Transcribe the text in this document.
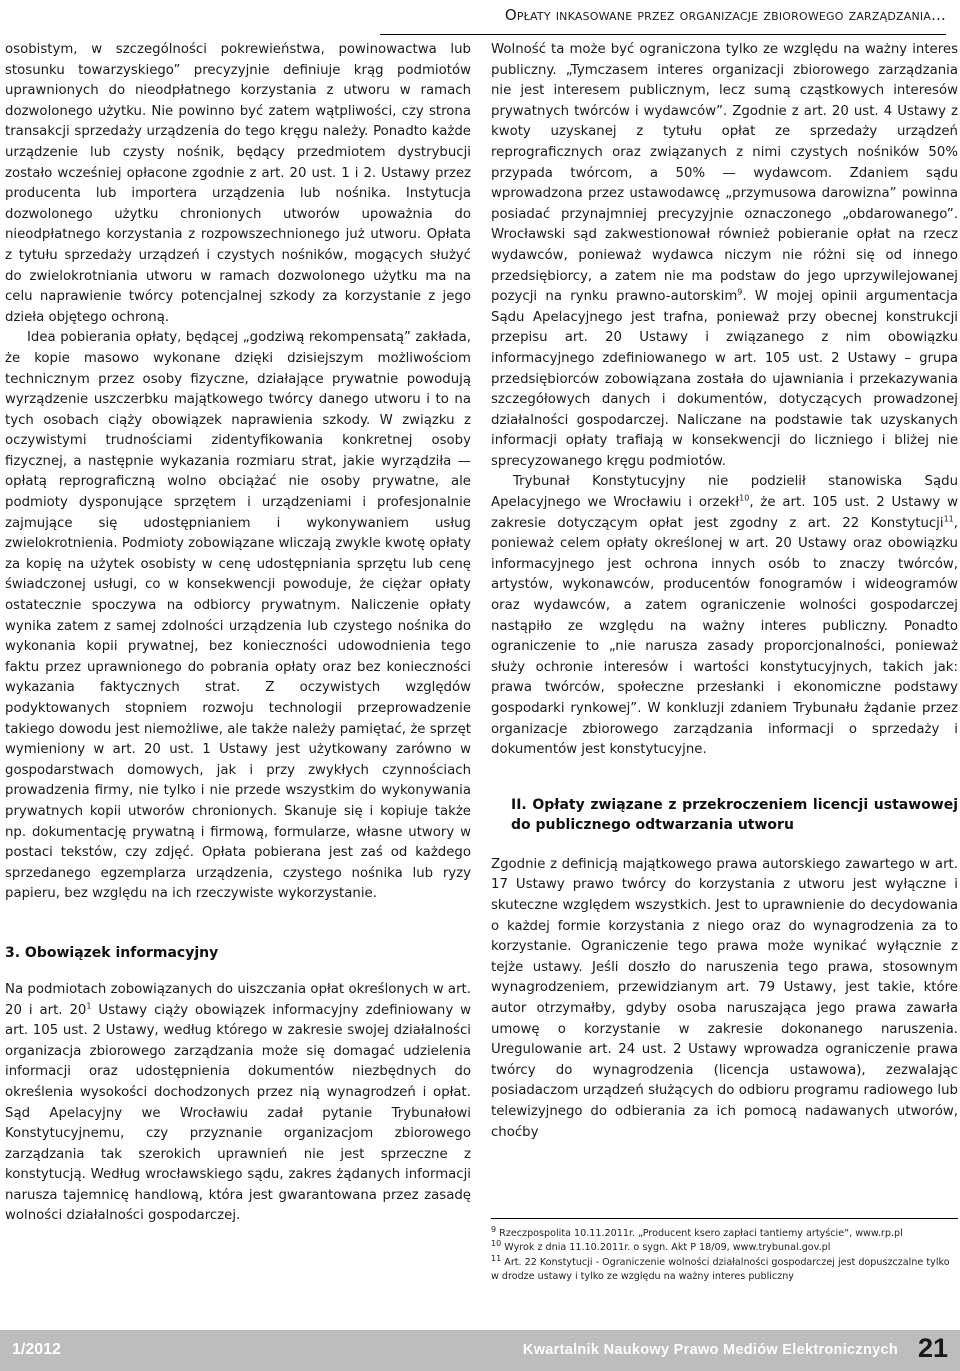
Opłaty inkasowane przez organizacje zbiorowego zarządzania...

osobistym, w szczególności pokrewieństwa, powinowactwa lub stosunku towarzyskiego” precyzyjnie definiuje krąg podmiotów uprawnionych do nieodpłatnego korzystania z utworu w ramach dozwolonego użytku. Nie powinno być zatem wątpliwości, czy strona transakcji sprzedaży urządzenia do tego kręgu należy. Ponadto każde urządzenie lub czysty nośnik, będący przedmiotem dystrybucji zostało wcześniej opłacone zgodnie z art. 20 ust. 1 i 2. Ustawy przez producenta lub importera urządzenia lub nośnika. Instytucja dozwolonego użytku chronionych utworów upoważnia do nieodpłatnego korzystania z rozpowszechnionego już utworu. Opłata z tytułu sprzedaży urządzeń i czystych nośników, mogących służyć do zwielokrotniania utworu w ramach dozwolonego użytku ma na celu naprawienie twórcy potencjalnej szkody za korzystanie z jego dzieła objętego ochroną.

Idea pobierania opłaty, będącej „godziwą rekompensatą” zakłada, że kopie masowo wykonane dzięki dzisiejszym możliwościom technicznym przez osoby fizyczne, działające prywatnie powodują wyrządzenie uszczerbku majątkowego twórcy danego utworu i to na tych osobach ciąży obowiązek naprawienia szkody. W związku z oczywistymi trudnościami zidentyfikowania konkretnej osoby fizycznej, a następnie wykazania rozmiaru strat, jakie wyrządziła — opłatą reprograficzną wolno obciążać nie osoby prywatne, ale podmioty dysponujące sprzętem i urządzeniami i profesjonalnie zajmujące się udostępnianiem i wykonywaniem usług zwielokrotnienia. Podmioty zobowiązane wliczają zwykle kwotę opłaty za kopię na użytek osobisty w cenę udostępniania sprzętu lub cenę świadczonej usługi, co w konsekwencji powoduje, że ciężar opłaty ostatecznie spoczywa na odbiorcy prywatnym. Naliczenie opłaty wynika zatem z samej zdolności urządzenia lub czystego nośnika do wykonania kopii prywatnej, bez konieczności udowodnienia tego faktu przez uprawnionego do pobrania opłaty oraz bez konieczności wykazania faktycznych strat. Z oczywistych względów podyktowanych stopniem rozwoju technologii przeprowadzenie takiego dowodu jest niemożliwe, ale także należy pamiętać, że sprzęt wymieniony w art. 20 ust. 1 Ustawy jest użytkowany zarówno w gospodarstwach domowych, jak i przy zwykłych czynnościach prowadzenia firmy, nie tylko i nie przede wszystkim do wykonywania prywatnych kopii utworów chronionych. Skanuje się i kopiuje także np. dokumentację prywatną i firmową, formularze, własne utwory w postaci tekstów, czy zdjęć. Opłata pobierana jest zaś od każdego sprzedanego egzemplarza urządzenia, czystego nośnika lub ryzy papieru, bez względu na ich rzeczywiste wykorzystanie.

3. Obowiązek informacyjny

Na podmiotach zobowiązanych do uiszczania opłat określonych w art. 20 i art. $20^1$ Ustawy ciąży obowiązek informacyjny zdefiniowany w art. 105 ust. 2 Ustawy, według którego w zakresie swojej działalności organizacja zbiorowego zarządzania może się domagać udzielenia informacji oraz udostępnienia dokumentów niezbędnych do określenia wysokości dochodzonych przez nią wynagrodzeń i opłat. Sąd Apelacyjny we Wrocławiu zadał pytanie Trybunałowi Konstytucyjnemu, czy przyznanie organizacjom zbiorowego zarządzania tak szerokich uprawnień nie jest sprzeczne z konstytucją. Według wrocławskiego sądu, zakres żądanych informacji narusza tajemnicę handlową, która jest gwarantowana przez zasadę wolności działalności gospodarczej.

Wolność ta może być ograniczona tylko ze względu na ważny interes publiczny. „Tymczasem interes organizacji zbiorowego zarządzania nie jest interesem publicznym, lecz sumą cząstkowych interesów prywatnych twórców i wydawców”. Zgodnie z art. 20 ust. 4 Ustawy z kwoty uzyskanej z tytułu opłat ze sprzedaży urządzeń reprograficznych oraz związanych z nimi czystych nośników 50% przypada twórcom, a 50% — wydawcom. Zdaniem sądu wprowadzona przez ustawodawcę „przymusowa darowizna” powinna posiadać przynajmniej precyzyjnie oznaczonego „obdarowanego”. Wrocławski sąd zakwestionował również pobieranie opłat na rzecz wydawców, ponieważ wydawca niczym nie różni się od innego przedsiębiorcy, a zatem nie ma podstaw do jego uprzywilejowanej pozycji na rynku prawno-autorskim$^9$. W mojej opinii argumentacja Sądu Apelacyjnego jest trafna, ponieważ przy obecnej konstrukcji przepisu art. 20 Ustawy i związanego z nim obowiązku informacyjnego zdefiniowanego w art. 105 ust. 2 Ustawy – grupa przedsiębiorców zobowiązana została do ujawniania i przekazywania szczegółowych danych i dokumentów, dotyczących prowadzonej działalności gospodarczej. Naliczane na podstawie tak uzyskanych informacji opłaty trafiają w konsekwencji do liczniego i bliżej nie sprecyzowanego kręgu podmiotów.

Trybunał Konstytucyjny nie podzielił stanowiska Sądu Apelacyjnego we Wrocławiu i orzekł$^{10}$, że art. 105 ust. 2 Ustawy w zakresie dotyczącym opłat jest zgodny z art. 22 Konstytucji$^{11}$, ponieważ celem opłaty określonej w art. 20 Ustawy oraz obowiązku informacyjnego jest ochrona innych osób to znaczy twórców, artystów, wykonawców, producentów fonogramów i wideogramów oraz wydawców, a zatem ograniczenie wolności gospodarczej nastąpiło ze względu na ważny interes publiczny. Ponadto ograniczenie to „nie narusza zasady proporcjonalności, ponieważ służy ochronie interesów i wartości konstytucyjnych, takich jak: prawa twórców, społeczne przesłanki i ekonomiczne podstawy gospodarki rynkowej”. W konkluzji zdaniem Trybunału żądanie przez organizacje zbiorowego zarządzania informacji o sprzedaży i dokumentów jest konstytucyjne.

II. Opłaty związane z przekroczeniem licencji ustawowej do publicznego odtwarzania utworu

Zgodnie z definicją majątkowego prawa autorskiego zawartego w art. 17 Ustawy prawo twórcy do korzystania z utworu jest wyłączne i skuteczne względem wszystkich. Jest to uprawnienie do decydowania o każdej formie korzystania z niego oraz do wynagrodzenia za to korzystanie. Ograniczenie tego prawa może wynikać wyłącznie z tejże ustawy. Jeśli doszło do naruszenia tego prawa, stosownym wynagrodzeniem, przewidzianym art. 79 Ustawy, jest takie, które autor otrzymałby, gdyby osoba naruszająca jego prawa zawarła umowę o korzystanie w zakresie dokonanego naruszenia. Uregulowanie art. 24 ust. 2 Ustawy wprowadza ograniczenie prawa twórcy do wynagrodzenia (licencja ustawowa), zezwalając posiadaczom urządzeń służących do odbioru programu radiowego lub telewizyjnego do odbierania za ich pomocą nadawanych utworów, choćby

$^9$ Rzeczpospolita 10.11.2011r. „Producent ksero zapłaci tantiemy artyście”, www.rp.pl

$^{10}$ Wyrok z dnia 11.10.2011r. o sygn. Akt P 18/09, www.trybunal.gov.pl

$^{11}$ Art. 22 Konstytucji - Ograniczenie wolności działalności gospodarczej jest dopuszczalne tylko w drodze ustawy i tylko ze względu na ważny interes publiczny

1/2012	Kwartalnik Naukowy Prawo Mediów Elektronicznych 21
